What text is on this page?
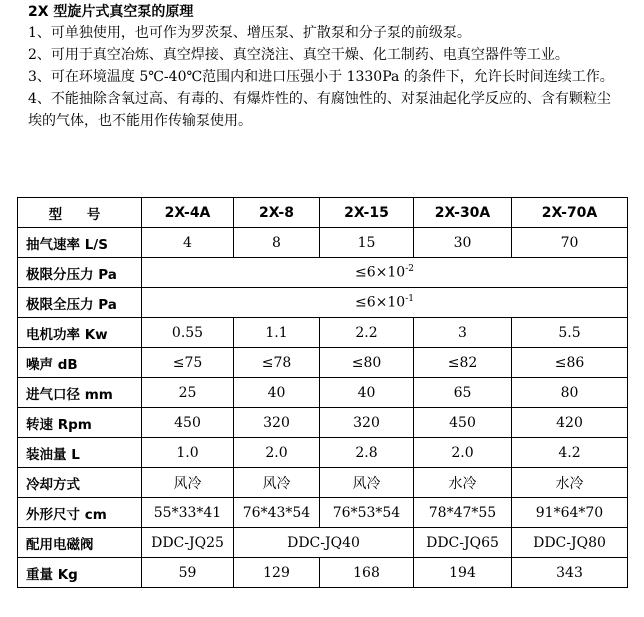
2X 型旋片式真空泵的原理

1、可单独使用，也可作为罗茨泵、增压泵、扩散泵和分子泵的前级泵。

2、可用于真空冶炼、真空焊接、真空浇注、真空干燥、化工制药、电真空器件等工业。

3、可在环境温度 5℃-40℃范围内和进口压强小于 1330Pa 的条件下，允许长时间连续工作。

4、不能抽除含氧过高、有毒的、有爆炸性的、有腐蚀性的、对泵油起化学反应的、含有颗粒尘埃的气体，也不能用作传输泵使用。

型 号	2X-4A	2X-8	2X-15	2X-30A	2X-70A
抽气速率 L/S	4	8	15	30	70
极限分压力 Pa	$\le 6\times 10^{-2}$
极限全压力 Pa	$\le 6\times 10^{-1}$
电机功率 Kw	0.55	1.1	2.2	3	5.5
噪声 dB	≤75	≤78	≤80	≤82	≤86
进气口径 mm	25	40	40	65	80
转速 Rpm	450	320	320	450	420
装油量 L	1.0	2.0	2.8	2.0	4.2
冷却方式	风冷	风冷	风冷	水冷	水冷
外形尺寸 cm	55*33*41	76*43*54	76*53*54	78*47*55	91*64*70
配用电磁阀	DDC-JQ25	DDC-JQ40		DDC-JQ65	DDC-JQ80
重量 Kg	59	129	168	194	343
